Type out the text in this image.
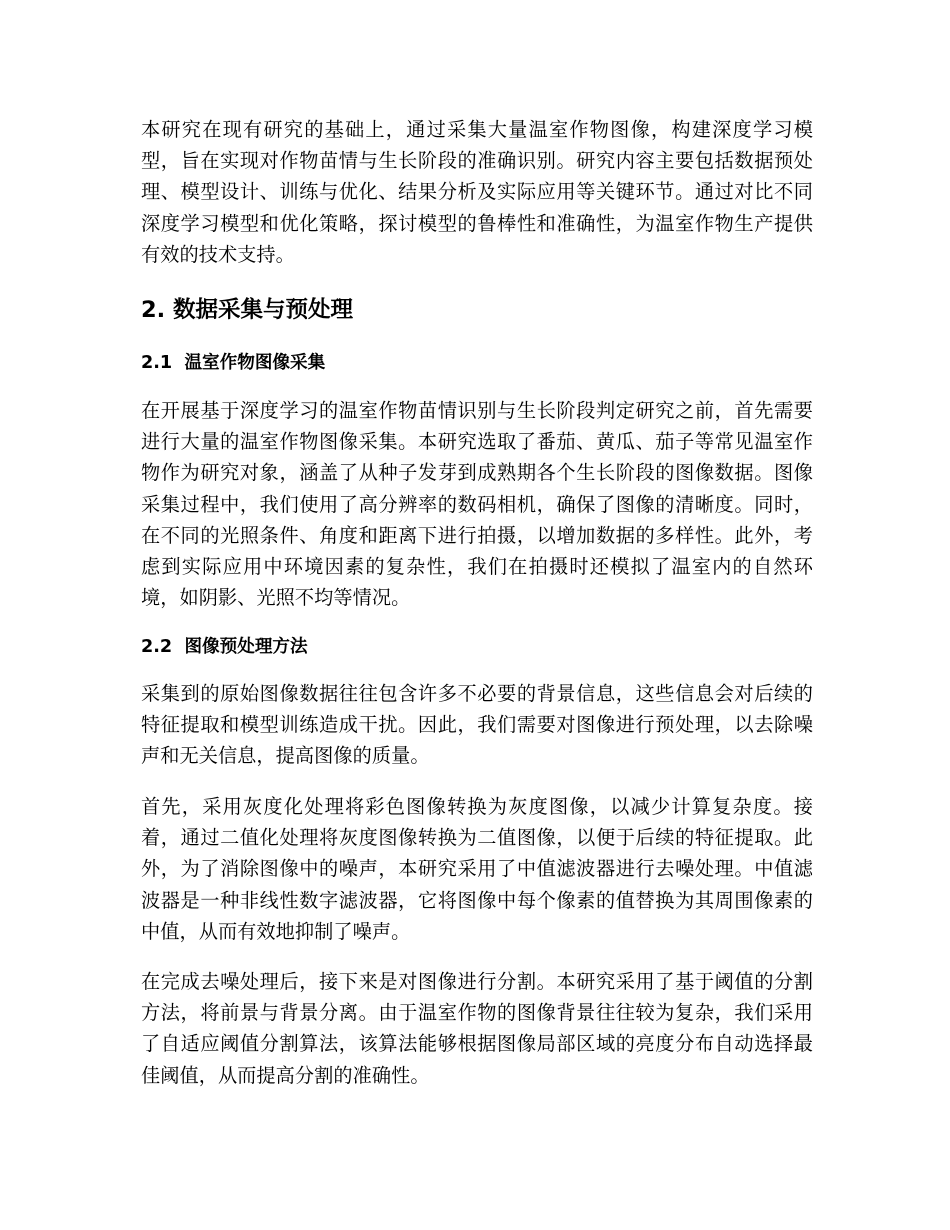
本研究在现有研究的基础上，通过采集大量温室作物图像，构建深度学习模型，旨在实现对作物苗情与生长阶段的准确识别。研究内容主要包括数据预处理、模型设计、训练与优化、结果分析及实际应用等关键环节。通过对比不同深度学习模型和优化策略，探讨模型的鲁棒性和准确性，为温室作物生产提供有效的技术支持。

2. 数据采集与预处理
2.1 温室作物图像采集

在开展基于深度学习的温室作物苗情识别与生长阶段判定研究之前，首先需要进行大量的温室作物图像采集。本研究选取了番茄、黄瓜、茄子等常见温室作物作为研究对象，涵盖了从种子发芽到成熟期各个生长阶段的图像数据。图像采集过程中，我们使用了高分辨率的数码相机，确保了图像的清晰度。同时，在不同的光照条件、角度和距离下进行拍摄，以增加数据的多样性。此外，考虑到实际应用中环境因素的复杂性，我们在拍摄时还模拟了温室内的自然环境，如阴影、光照不均等情况。

2.2 图像预处理方法

采集到的原始图像数据往往包含许多不必要的背景信息，这些信息会对后续的特征提取和模型训练造成干扰。因此，我们需要对图像进行预处理，以去除噪声和无关信息，提高图像的质量。

首先，采用灰度化处理将彩色图像转换为灰度图像，以减少计算复杂度。接着，通过二值化处理将灰度图像转换为二值图像，以便于后续的特征提取。此外，为了消除图像中的噪声，本研究采用了中值滤波器进行去噪处理。中值滤波器是一种非线性数字滤波器，它将图像中每个像素的值替换为其周围像素的中值，从而有效地抑制了噪声。

在完成去噪处理后，接下来是对图像进行分割。本研究采用了基于阈值的分割方法，将前景与背景分离。由于温室作物的图像背景往往较为复杂，我们采用了自适应阈值分割算法，该算法能够根据图像局部区域的亮度分布自动选择最佳阈值，从而提高分割的准确性。
